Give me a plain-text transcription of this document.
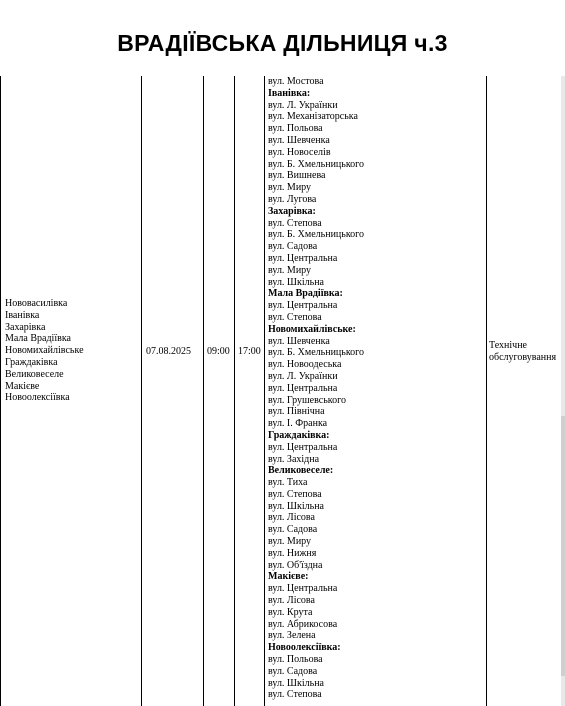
ВРАДІЇВСЬКА ДІЛЬНИЦЯ ч.3
Нововасилівка
Іванівка
Захарівка
Мала Врадіївка
Новомихайлівське
Граждаківка
Великовеселе
Макієве
Новоолексіївка
07.08.2025 09:00 17:00
Технічне
обслуговування
вул. Мостова
Іванівка:
вул. Л. Українки
вул. Механізаторська
вул. Польова
вул. Шевченка
вул. Новоселів
вул. Б. Хмельницького
вул. Вишнева
вул. Миру
вул. Лугова
Захарівка:
вул. Степова
вул. Б. Хмельницького
вул. Садова
вул. Центральна
вул. Миру
вул. Шкільна
Мала Врадіївка:
вул. Центральна
вул. Степова
Новомихайлівське:
вул. Шевченка
вул. Б. Хмельницького
вул. Новоодеська
вул. Л. Українки
вул. Центральна
вул. Грушевського
вул. Північна
вул. І. Франка
Граждаківка:
вул. Центральна
вул. Західна
Великовеселе:
вул. Тиха
вул. Степова
вул. Шкільна
вул. Лісова
вул. Садова
вул. Миру
вул. Нижня
вул. Об'їздна
Макієве:
вул. Центральна
вул. Лісова
вул. Крута
вул. Абрикосова
вул. Зелена
Новоолексіївка:
вул. Польова
вул. Садова
вул. Шкільна
вул. Степова
